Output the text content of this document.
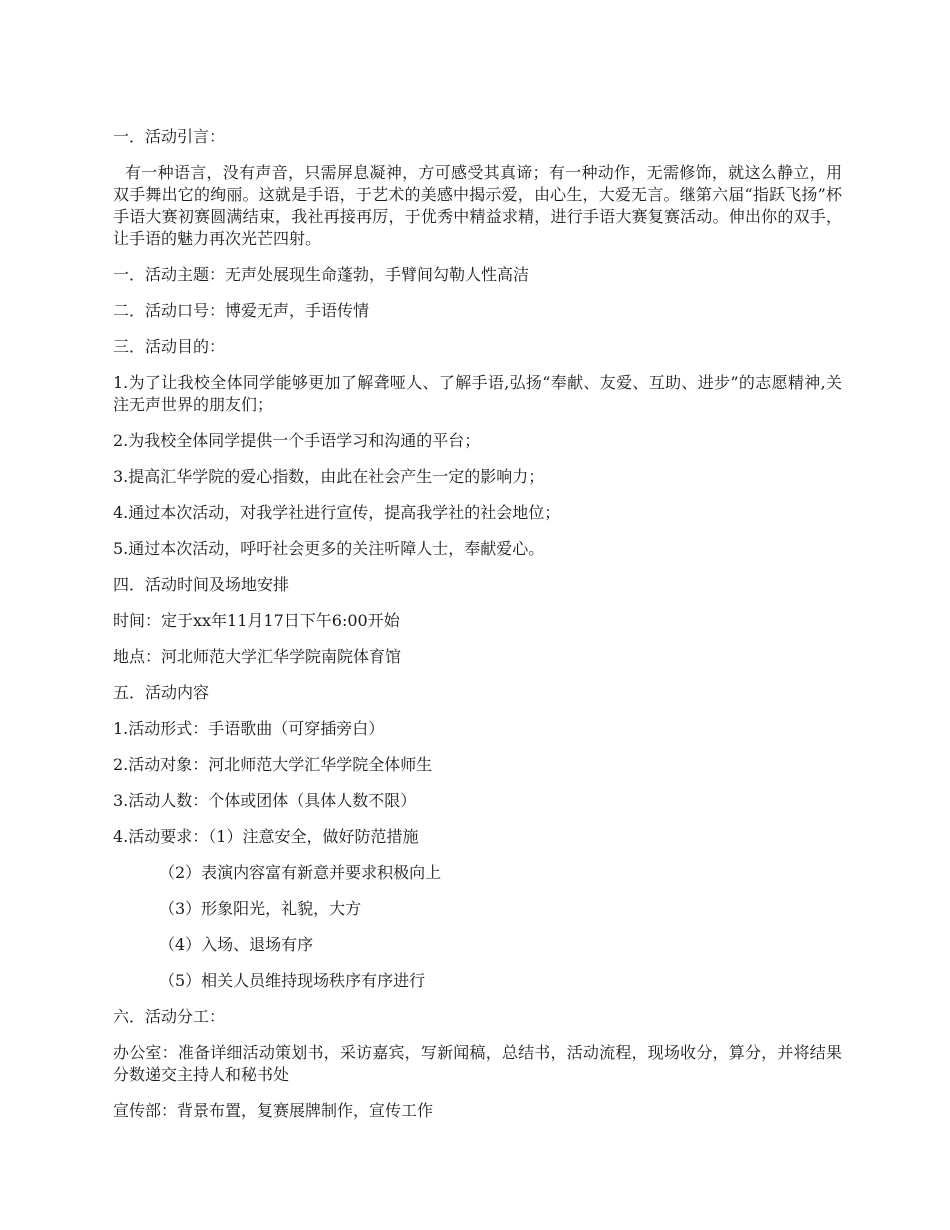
一．活动引言：

有一种语言，没有声音，只需屏息凝神，方可感受其真谛；有一种动作，无需修饰，就这么静立，用双手舞出它的绚丽。这就是手语，于艺术的美感中揭示爱，由心生，大爱无言。继第六届“指跃飞扬”杯手语大赛初赛圆满结束，我社再接再厉，于优秀中精益求精，进行手语大赛复赛活动。伸出你的双手，让手语的魅力再次光芒四射。

一．活动主题：无声处展现生命蓬勃，手臂间勾勒人性高洁

二．活动口号：博爱无声，手语传情

三．活动目的：

1.为了让我校全体同学能够更加了解聋哑人、了解手语,弘扬“奉献、友爱、互助、进步”的志愿精神,关注无声世界的朋友们；

2.为我校全体同学提供一个手语学习和沟通的平台；

3.提高汇华学院的爱心指数，由此在社会产生一定的影响力；

4.通过本次活动，对我学社进行宣传，提高我学社的社会地位；

5.通过本次活动，呼吁社会更多的关注听障人士，奉献爱心。

四．活动时间及场地安排

时间：定于xx年11月17日下午6:00开始

地点：河北师范大学汇华学院南院体育馆

五．活动内容

1.活动形式：手语歌曲（可穿插旁白）

2.活动对象：河北师范大学汇华学院全体师生

3.活动人数：个体或团体（具体人数不限）

4.活动要求：（1）注意安全，做好防范措施

（2）表演内容富有新意并要求积极向上

（3）形象阳光，礼貌，大方

（4）入场、退场有序

（5）相关人员维持现场秩序有序进行

六．活动分工：

办公室：准备详细活动策划书，采访嘉宾，写新闻稿，总结书，活动流程，现场收分，算分，并将结果分数递交主持人和秘书处

宣传部：背景布置，复赛展牌制作，宣传工作
